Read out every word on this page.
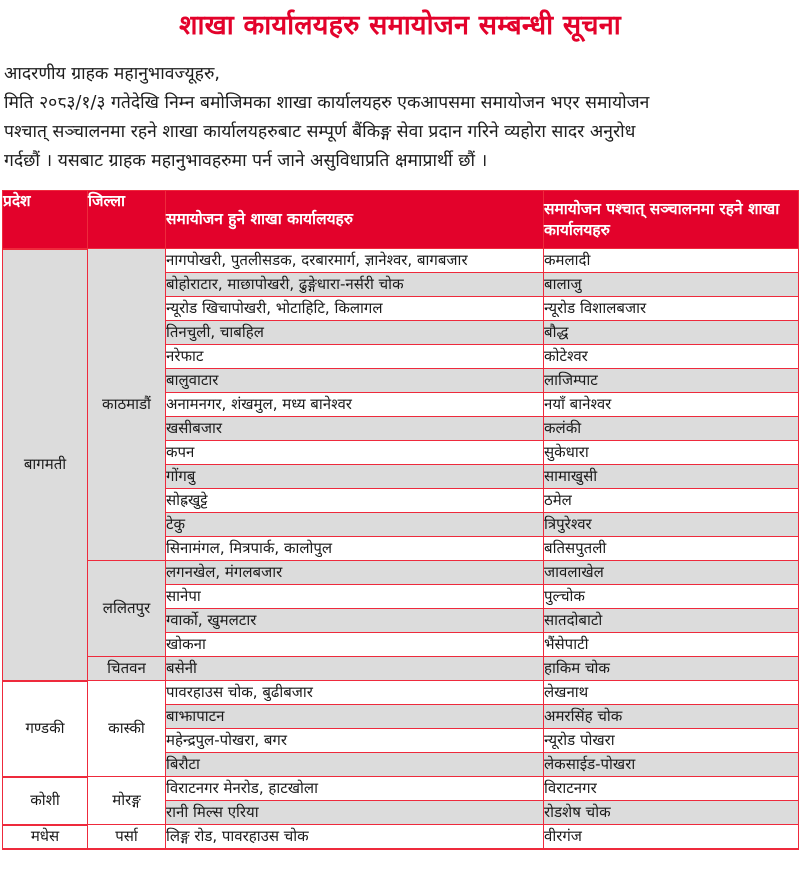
शाखा कार्यालयहरु समायोजन सम्बन्धी सूचना
आदरणीय ग्राहक महानुभावज्यूहरु,
मिति २०८३/१/३ गतेदेखि निम्न बमोजिमका शाखा कार्यालयहरु एकआपसमा समायोजन भएर समायोजन
पश्चात् सञ्चालनमा रहने शाखा कार्यालयहरुबाट सम्पूर्ण बैंकिङ्ग सेवा प्रदान गरिने व्यहोरा सादर अनुरोध
गर्दछौं । यसबाट ग्राहक महानुभावहरुमा पर्न जाने असुविधाप्रति क्षमाप्रार्थी छौं ।
प्रदेश	जिल्ला	समायोजन हुने शाखा कार्यालयहरु	समायोजन पश्चात् सञ्चालनमा रहने शाखा कार्यालयहरु
बागमती	काठमाडौं	नागपोखरी, पुतलीसडक, दरबारमार्ग, ज्ञानेश्वर, बागबजार	कमलादी
		बोहोराटार, माछापोखरी, ढुङ्गेधारा-नर्सरी चोक	बालाजु
		न्यूरोड खिचापोखरी, भोटाहिटि, किलागल	न्यूरोड विशालबजार
		तिनचुली, चाबहिल	बौद्ध
		नरेफाट	कोटेश्वर
		बालुवाटार	लाजिम्पाट
		अनामनगर, शंखमुल, मध्य बानेश्वर	नयाँ बानेश्वर
		खसीबजार	कलंकी
		कपन	सुकेधारा
		गोंगबु	सामाखुसी
		सोह्रखुट्टे	ठमेल
		टेकु	त्रिपुरेश्वर
		सिनामंगल, मित्रपार्क, कालोपुल	बतिसपुतली
	ललितपुर	लगनखेल, मंगलबजार	जावलाखेल
		सानेपा	पुल्चोक
		ग्वार्को, खुमलटार	सातदोबाटो
		खोकना	भैंसेपाटी
	चितवन	बसेनी	हाकिम चोक
गण्डकी	कास्की	पावरहाउस चोक, बुढीबजार	लेखनाथ
		बाझापाटन	अमरसिंह चोक
		महेन्द्रपुल-पोखरा, बगर	न्यूरोड पोखरा
		बिरौटा	लेकसाईड-पोखरा
कोशी	मोरङ्ग	विराटनगर मेनरोड, हाटखोला	विराटनगर
		रानी मिल्स एरिया	रोडशेष चोक
मधेस	पर्सा	लिङ्ग रोड, पावरहाउस चोक	वीरगंज
